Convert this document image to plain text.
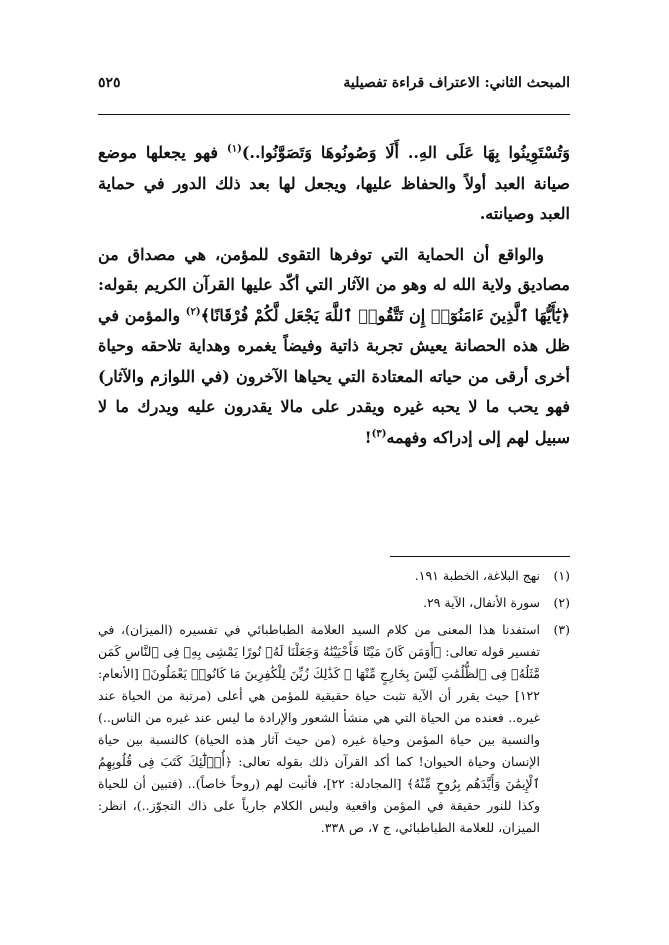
المبحث الثاني: الاعتراف قراءة تفصيلية
٥٢٥

وَتُسْتَوِينُوا بِهَا عَلَى الهِ.. أَلَا وَصُونُوهَا وَتَصَوَّنُوا..)$^{(١)}$ فهو يجعلها موضع صيانة العبد أولاً والحفاظ عليها، ويجعل لها بعد ذلك الدور في حماية العبد وصيانته.

والواقع أن الحماية التي توفرها التقوى للمؤمن، هي مصداق من مصاديق ولاية الله له وهو من الآثار التي أكّد عليها القرآن الكريم بقوله: ﴿يَٰٓأَيُّهَا ٱلَّذِينَ ءَامَنُوٓا۟ إِن تَتَّقُوا۟ ٱللَّهَ يَجْعَل لَّكُمْ فُرْقَانًا﴾$^{(٢)}$ والمؤمن في ظل هذه الحصانة يعيش تجربة ذاتية وفيضاً يغمره وهداية تلاحقه وحياة أخرى أرقى من حياته المعتادة التي يحياها الآخرون (في اللوازم والآثار) فهو يحب ما لا يحبه غيره ويقدر على مالا يقدرون عليه ويدرك ما لا سبيل لهم إلى إدراكه وفهمه$^{(٣)}$!

(١)
نهج البلاغة، الخطبة ١٩١.
(٢)
سورة الأنفال، الآية ٢٩.
(٣)
استفدنا هذا المعنى من كلام السيد العلامة الطباطبائي في تفسيره (الميزان)، في تفسير قوله تعالى: ﴿أَوَمَن كَانَ مَيْتًا فَأَحْيَيْنَٰهُ وَجَعَلْنَا لَهُۥ نُورًا يَمْشِى بِهِۦ فِى ٱلنَّاسِ كَمَن مَّثَلُهُۥ فِى ٱلظُّلُمَٰتِ لَيْسَ بِخَارِجٍ مِّنْهَا ۚ كَذَٰلِكَ زُيِّنَ لِلْكَٰفِرِينَ مَا كَانُوا۟ يَعْمَلُونَ﴾ [الأنعام: ١٢٢] حيث يقرر أن الآية تثبت حياة حقيقية للمؤمن هي أعلى (مرتبة من الحياة عند غيره.. فعنده من الحياة التي هي منشأ الشعور والإرادة ما ليس عند غيره من الناس..) والنسبة بين حياة المؤمن وحياة غيره (من حيث آثار هذه الحياة) كالنسبة بين حياة الإنسان وحياة الحيوان! كما أكد القرآن ذلك بقوله تعالى: ﴿أُو۟لَٰٓئِكَ كَتَبَ فِى قُلُوبِهِمُ ٱلْإِيمَٰنَ وَأَيَّدَهُم بِرُوحٍ مِّنْهُ﴾ [المجادلة: ٢٢]، فأثبت لهم (روحاً خاصاً).. (فتبين أن للحياة وكذا للنور حقيقة في المؤمن واقعية وليس الكلام جارياً على ذاك التجوّز..)، انظر: الميزان، للعلامة الطباطبائي، ج ٧، ص ٣٣٨.
